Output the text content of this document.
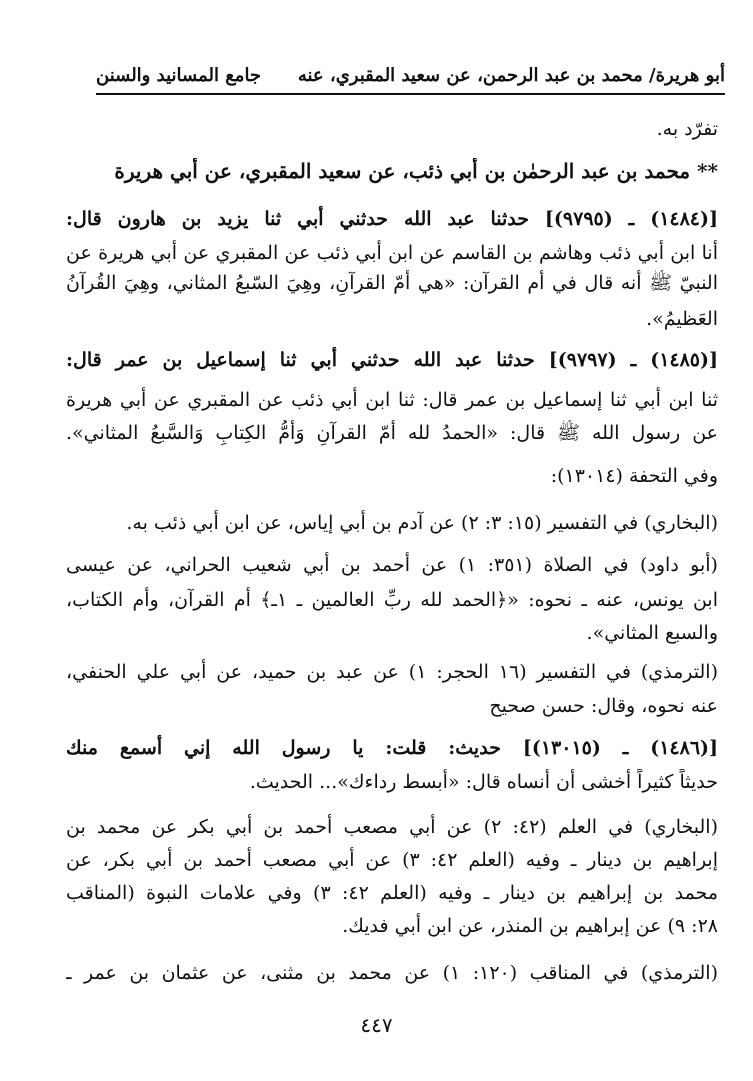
أبو هريرة/ محمد بن عبد الرحمن، عن سعيد المقبري، عنه
جامع المسانيد والسنن
تفرّد به.
** محمد بن عبد الرحمٰن بن أبي ذئب، عن سعيد المقبري، عن أبي هريرة
[(١٤٨٤) ـ (٩٧٩٥)] حدثنا عبد الله حدثني أبي ثنا يزيد بن هارون قال:
أنا ابن أبي ذئب وهاشم بن القاسم عن ابن أبي ذئب عن المقبري عن أبي هريرة عن
النبيّ ﷺ أنه قال في أم القرآن: «هي أمّ القرآنِ، وهِيَ السّبعُ المثاني، وهِيَ القُرآنُ
العَظيمُ».
[(١٤٨٥) ـ (٩٧٩٧)] حدثنا عبد الله حدثني أبي ثنا إسماعيل بن عمر قال:
ثنا ابن أبي ثنا إسماعيل بن عمر قال: ثنا ابن أبي ذئب عن المقبري عن أبي هريرة
عن رسول الله ﷺ قال: «الحمدُ لله أمّ القرآنِ وَأمُّ الكِتابِ وَالسَّبعُ المثاني».
وفي التحفة (١٣٠١٤):
(البخاري) في التفسير (١٥: ٣: ٢) عن آدم بن أبي إياس، عن ابن أبي ذئب به.
(أبو داود) في الصلاة (٣٥١: ١) عن أحمد بن أبي شعيب الحراني، عن عيسى
ابن يونس، عنه ـ نحوه: «﴿الحمد لله ربِّ العالمين ـ ١ـ﴾ أم القرآن، وأم الكتاب،
والسبع المثاني».
(الترمذي) في التفسير (١٦ الحجر: ١) عن عبد بن حميد، عن أبي علي الحنفي،
عنه نحوه، وقال: حسن صحيح
[(١٤٨٦) ـ (١٣٠١٥)] حديث: قلت: يا رسول الله إني أسمع منك
حديثاً كثيراً أخشى أن أنساه قال: «أبسط رداءك»... الحديث.
(البخاري) في العلم (٤٢: ٢) عن أبي مصعب أحمد بن أبي بكر عن محمد بن
إبراهيم بن دينار ـ وفيه (العلم ٤٢: ٣) عن أبي مصعب أحمد بن أبي بكر، عن
محمد بن إبراهيم بن دينار ـ وفيه (العلم ٤٢: ٣) وفي علامات النبوة (المناقب
٢٨: ٩) عن إبراهيم بن المنذر، عن ابن أبي فديك.
(الترمذي) في المناقب (١٢٠: ١) عن محمد بن مثنى، عن عثمان بن عمر ـ
٤٤٧
